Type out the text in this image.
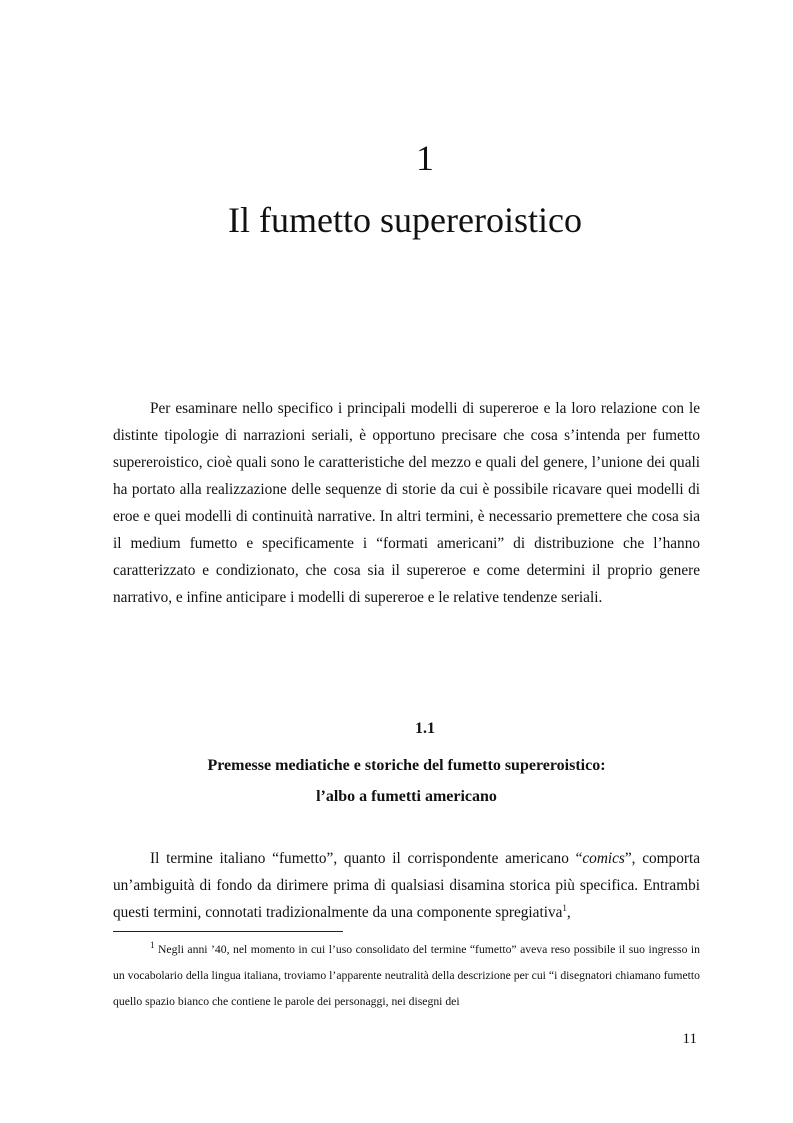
1
Il fumetto supereroistico

Per esaminare nello specifico i principali modelli di supereroe e la loro relazione con le distinte tipologie di narrazioni seriali, è opportuno precisare che cosa s’intenda per fumetto supereroistico, cioè quali sono le caratteristiche del mezzo e quali del genere, l’unione dei quali ha portato alla realizzazione delle sequenze di storie da cui è possibile ricavare quei modelli di eroe e quei modelli di continuità narrative. In altri termini, è necessario premettere che cosa sia il medium fumetto e specificamente i “formati americani” di distribuzione che l’hanno caratterizzato e condizionato, che cosa sia il supereroe e come determini il proprio genere narrativo, e infine anticipare i modelli di supereroe e le relative tendenze seriali.

1.1
Premesse mediatiche e storiche del fumetto supereroistico:
l’albo a fumetti americano

Il termine italiano “fumetto”, quanto il corrispondente americano “comics”, comporta un’ambiguità di fondo da dirimere prima di qualsiasi disamina storica più specifica. Entrambi questi termini, connotati tradizionalmente da una componente spregiativa$^1$,

$^1$ Negli anni ’40, nel momento in cui l’uso consolidato del termine “fumetto” aveva reso possibile il suo ingresso in un vocabolario della lingua italiana, troviamo l’apparente neutralità della descrizione per cui “i disegnatori chiamano fumetto quello spazio bianco che contiene le parole dei personaggi, nei disegni dei

11
